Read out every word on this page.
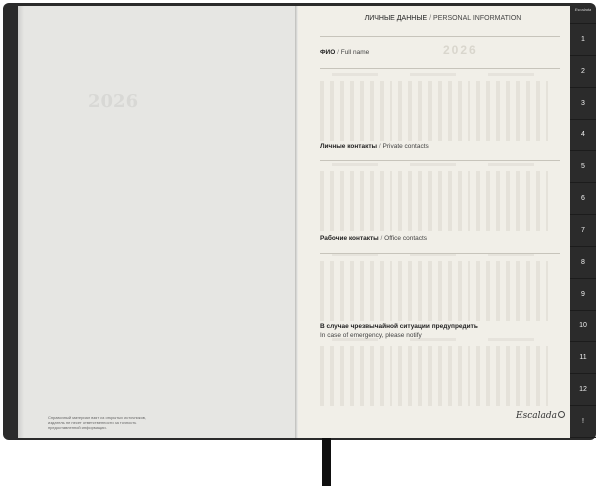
2026
Справочный материал взят из открытых источников, издатель не несет ответственности за точность предоставленной информации.
2026
ЛИЧНЫЕ ДАННЫЕ / PERSONAL INFORMATION
ФИО / Full name
Личные контакты / Private contacts
Рабочие контакты / Office contacts
В случае чрезвычайной ситуации предупредить
In case of emergency, please notify
Escalada
1
2
3
4
5
6
7
8
9
10
11
12
!
Escalada
